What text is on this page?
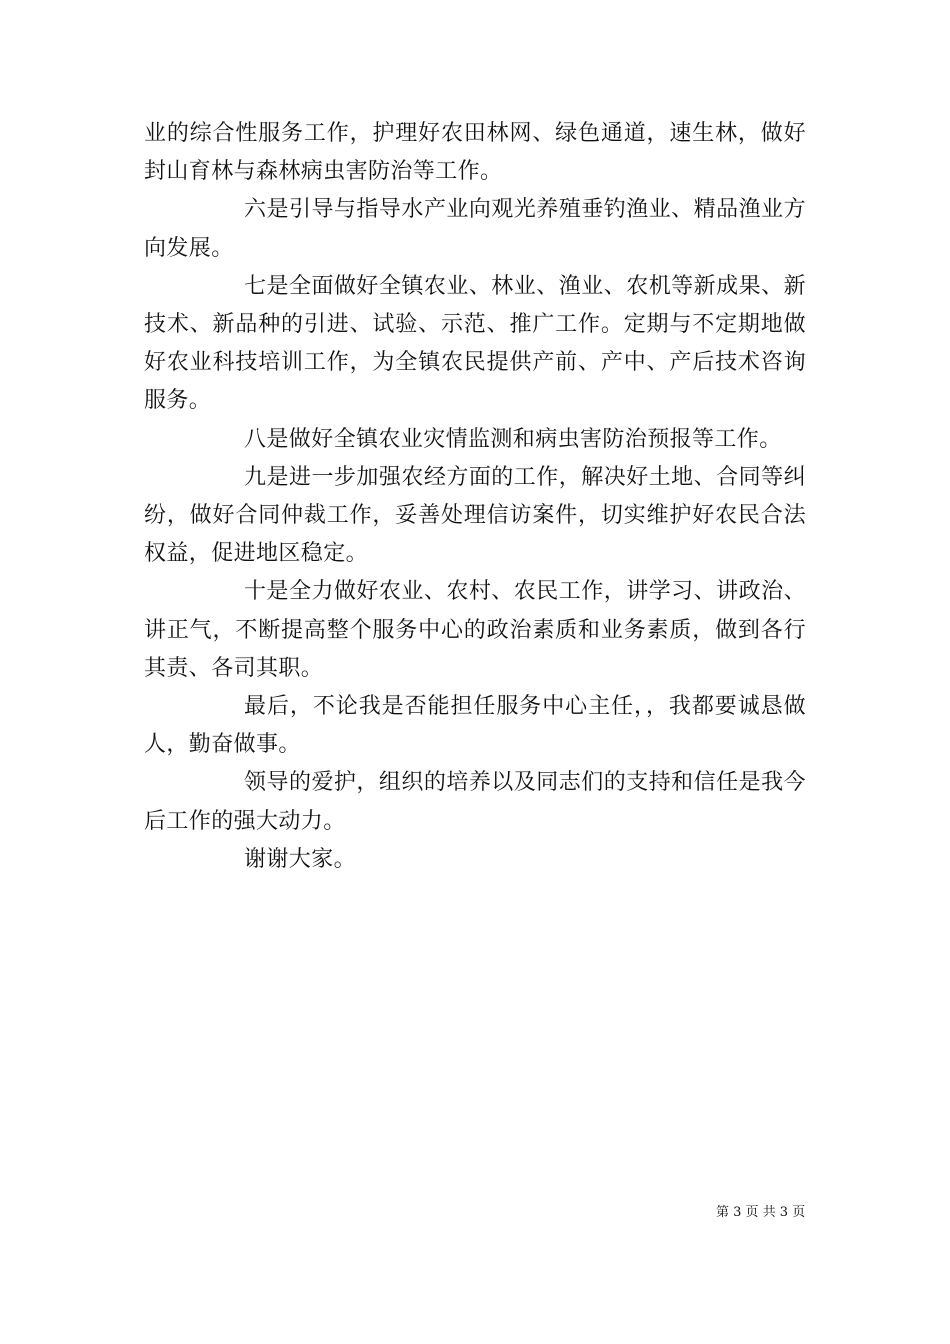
业的综合性服务工作，护理好农田林网、绿色通道，速生林，做好封山育林与森林病虫害防治等工作。

六是引导与指导水产业向观光养殖垂钓渔业、精品渔业方向发展。

七是全面做好全镇农业、林业、渔业、农机等新成果、新技术、新品种的引进、试验、示范、推广工作。定期与不定期地做好农业科技培训工作，为全镇农民提供产前、产中、产后技术咨询服务。

八是做好全镇农业灾情监测和病虫害防治预报等工作。

九是进一步加强农经方面的工作，解决好土地、合同等纠纷，做好合同仲裁工作，妥善处理信访案件，切实维护好农民合法权益，促进地区稳定。

十是全力做好农业、农村、农民工作，讲学习、讲政治、讲正气，不断提高整个服务中心的政治素质和业务素质，做到各行其责、各司其职。

最后，不论我是否能担任服务中心主任，，我都要诚恳做人，勤奋做事。

领导的爱护，组织的培养以及同志们的支持和信任是我今后工作的强大动力。

谢谢大家。

第 3 页 共 3 页
